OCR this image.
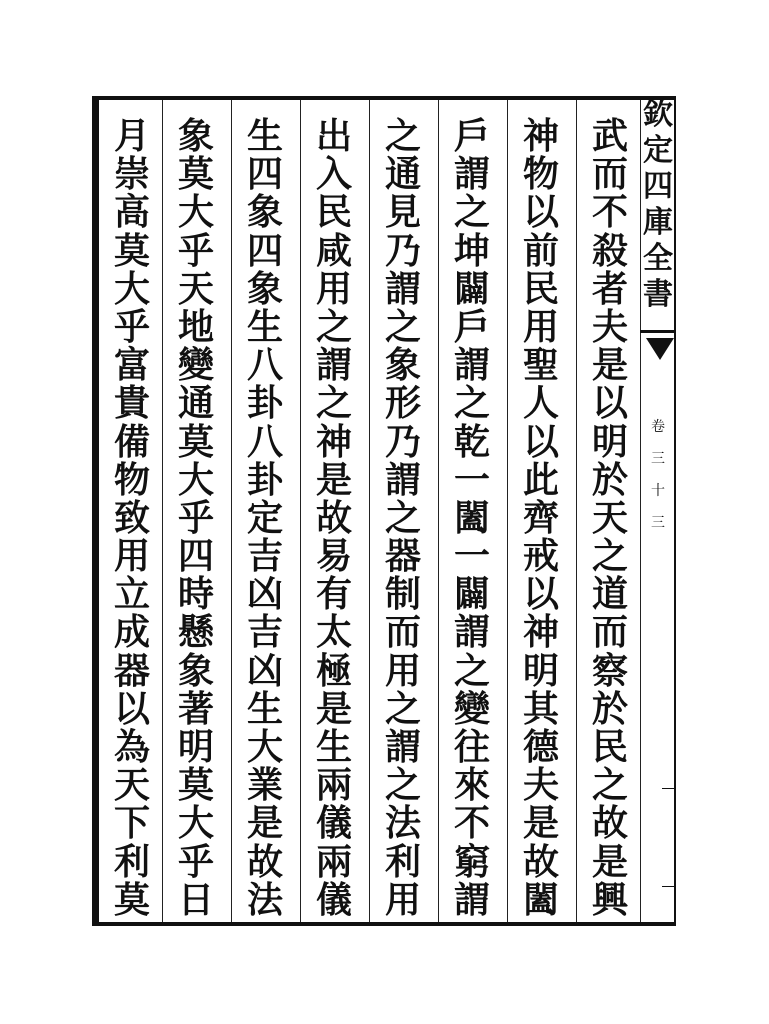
武
而
不
殺
者
夫
是
以
明
於
天
之
道
而
察
於
民
之
故
是
興
神
物
以
前
民
用
聖
人
以
此
齊
戒
以
神
明
其
德
夫
是
故
闔
戶
謂
之
坤
闢
戶
謂
之
乾
一
闔
一
闢
謂
之
變
往
來
不
窮
謂
之
通
見
乃
謂
之
象
形
乃
謂
之
器
制
而
用
之
謂
之
法
利
用
出
入
民
咸
用
之
謂
之
神
是
故
易
有
太
極
是
生
兩
儀
兩
儀
生
四
象
四
象
生
八
卦
八
卦
定
吉
凶
吉
凶
生
大
業
是
故
法
象
莫
大
乎
天
地
變
通
莫
大
乎
四
時
懸
象
著
明
莫
大
乎
日
月
崇
高
莫
大
乎
富
貴
備
物
致
用
立
成
器
以
為
天
下
利
莫
欽
定
四
庫
全
書
卷
三
十
三
